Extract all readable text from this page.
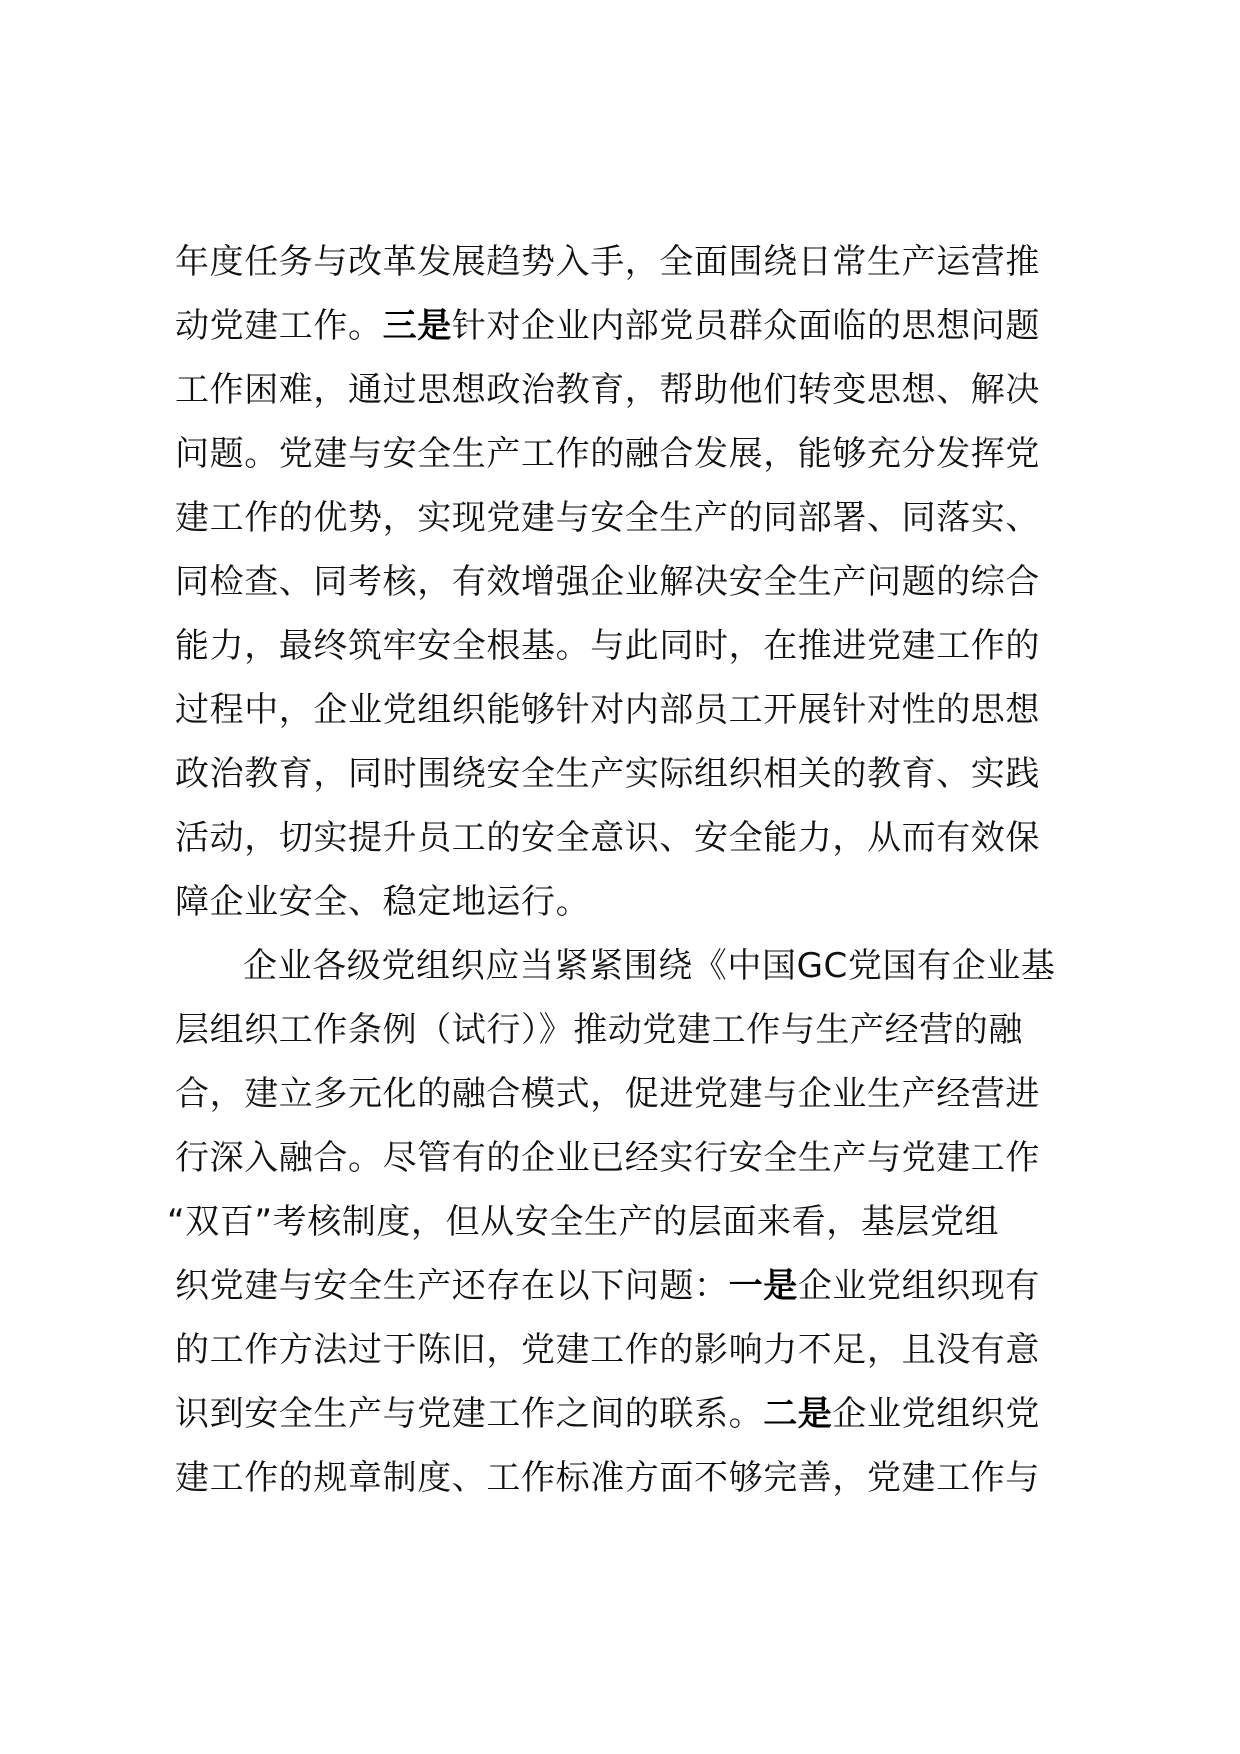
年度任务与改革发展趋势入手，全面围绕日常生产运营推
动党建工作。三是针对企业内部党员群众面临的思想问题
工作困难，通过思想政治教育，帮助他们转变思想、解决
问题。党建与安全生产工作的融合发展，能够充分发挥党
建工作的优势，实现党建与安全生产的同部署、同落实、
同检查、同考核，有效增强企业解决安全生产问题的综合
能力，最终筑牢安全根基。与此同时，在推进党建工作的
过程中，企业党组织能够针对内部员工开展针对性的思想
政治教育，同时围绕安全生产实际组织相关的教育、实践
活动，切实提升员工的安全意识、安全能力，从而有效保
障企业安全、稳定地运行。
企业各级党组织应当紧紧围绕《中国GC党国有企业基
层组织工作条例（试行）》推动党建工作与生产经营的融
合，建立多元化的融合模式，促进党建与企业生产经营进
行深入融合。尽管有的企业已经实行安全生产与党建工作
“双百”考核制度，但从安全生产的层面来看，基层党组
织党建与安全生产还存在以下问题：一是企业党组织现有
的工作方法过于陈旧，党建工作的影响力不足，且没有意
识到安全生产与党建工作之间的联系。二是企业党组织党
建工作的规章制度、工作标准方面不够完善，党建工作与
